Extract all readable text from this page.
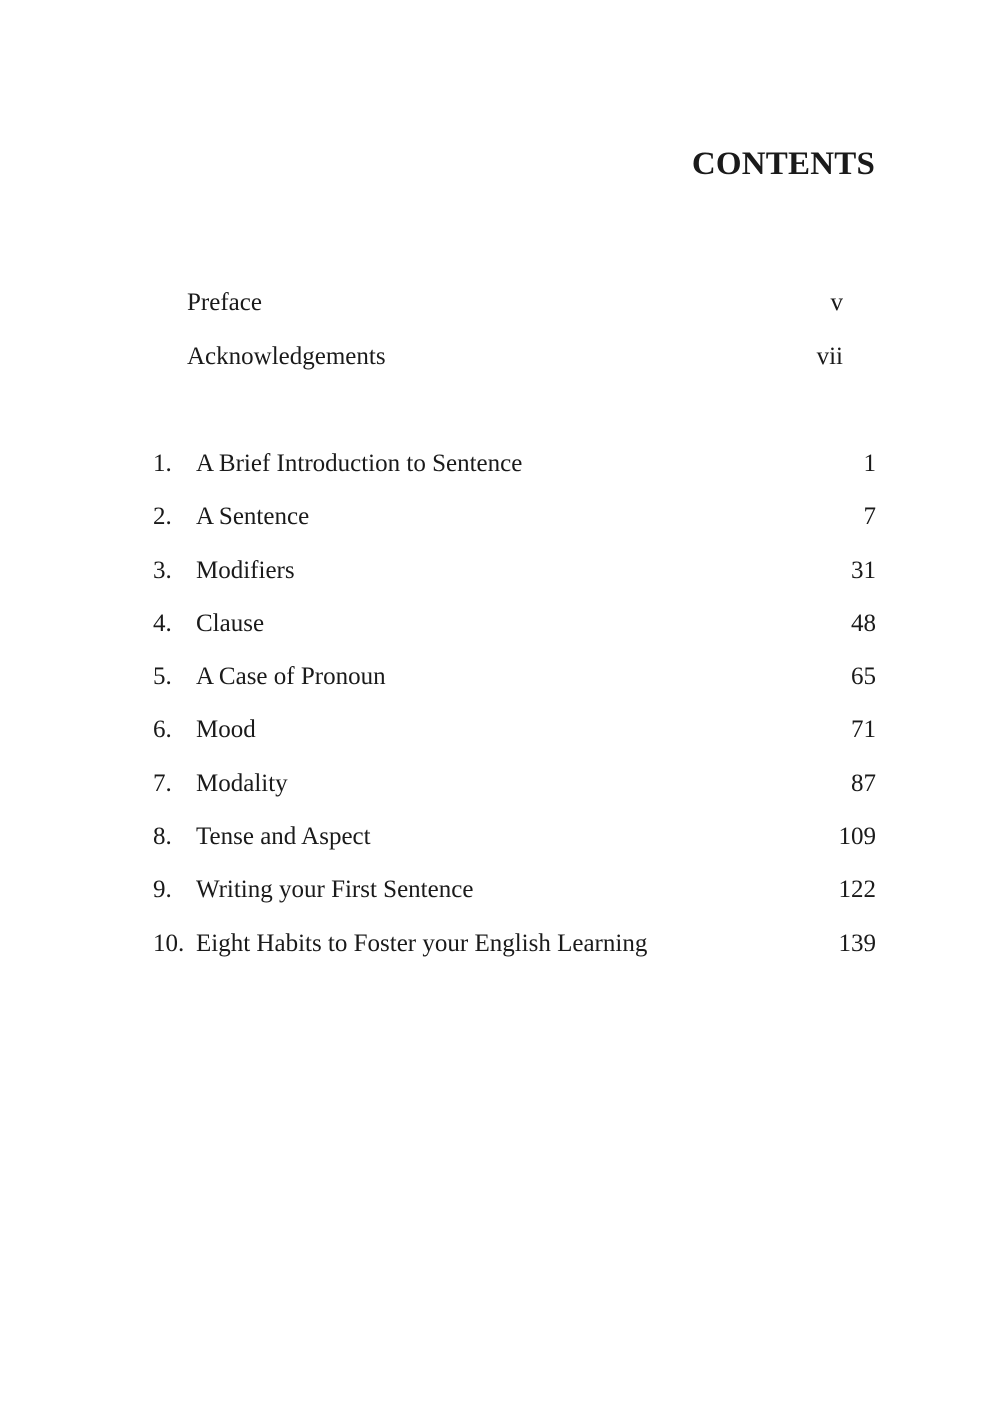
CONTENTS
Preface	v
Acknowledgements	vii
1. A Brief Introduction to Sentence	1
2. A Sentence	7
3. Modifiers	31
4. Clause	48
5. A Case of Pronoun	65
6. Mood	71
7. Modality	87
8. Tense and Aspect	109
9. Writing your First Sentence	122
10. Eight Habits to Foster your English Learning	139
